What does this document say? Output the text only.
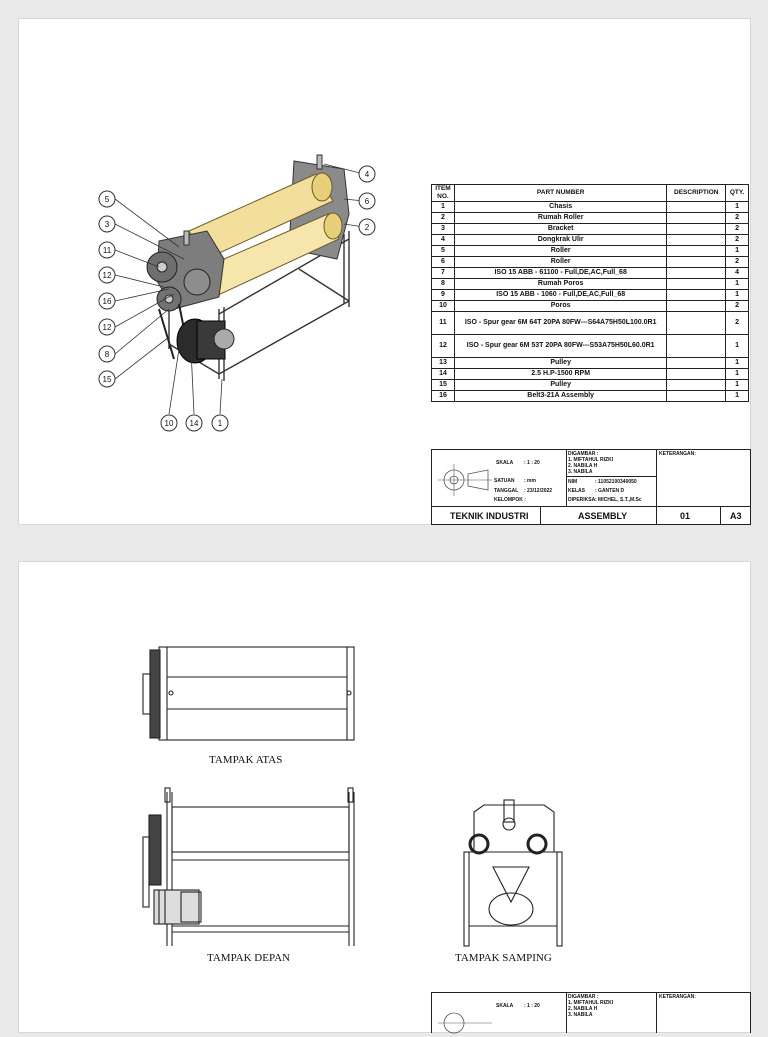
5
3
11
12
16
12
8
15
4
6
2
10 14 1
ITEM NO.	PART NUMBER	DESCRIPTION	QTY.
1	Chasis		1
2	Rumah Roller		2
3	Bracket		2
4	Dongkrak Ulir		2
5	Roller		1
6	Roller		2
7	ISO 15 ABB - 61100 - Full,DE,AC,Full_68		4
8	Rumah Poros		1
9	ISO 15 ABB - 1060 - Full,DE,AC,Full_68		1
10	Poros		2
11	ISO - Spur gear 6M 64T 20PA 80FW---S64A75H50L100.0R1		2
12	ISO - Spur gear 6M 53T 20PA 80FW---S53A75H50L60.0R1		1
13	Pulley		1
14	2.5 H.P-1500 RPM		1
15	Pulley		1
16	Belt3-21A Assembly		1
SKALA : 1 : 20
SATUAN : mm
TANGGAL : 23/12/2022
KELOMPOK :
DIGAMBAR :
1. MIFTAHUL RIZKI
2. NABILA H
3. NABILA
NIM	: 11052100340050
KELAS : GANTEN D
DIPERIKSA : MICHEL, S.T.,M.Sc
KETERANGAN:
TEKNIK INDUSTRI	ASSEMBLY	01	A3
TAMPAK ATAS
TAMPAK DEPAN	TAMPAK SAMPING
SKALA : 1 : 20
DIGAMBAR :
1. MIFTAHUL RIZKI
2. NABILA H
3. NABILA
KETERANGAN:
